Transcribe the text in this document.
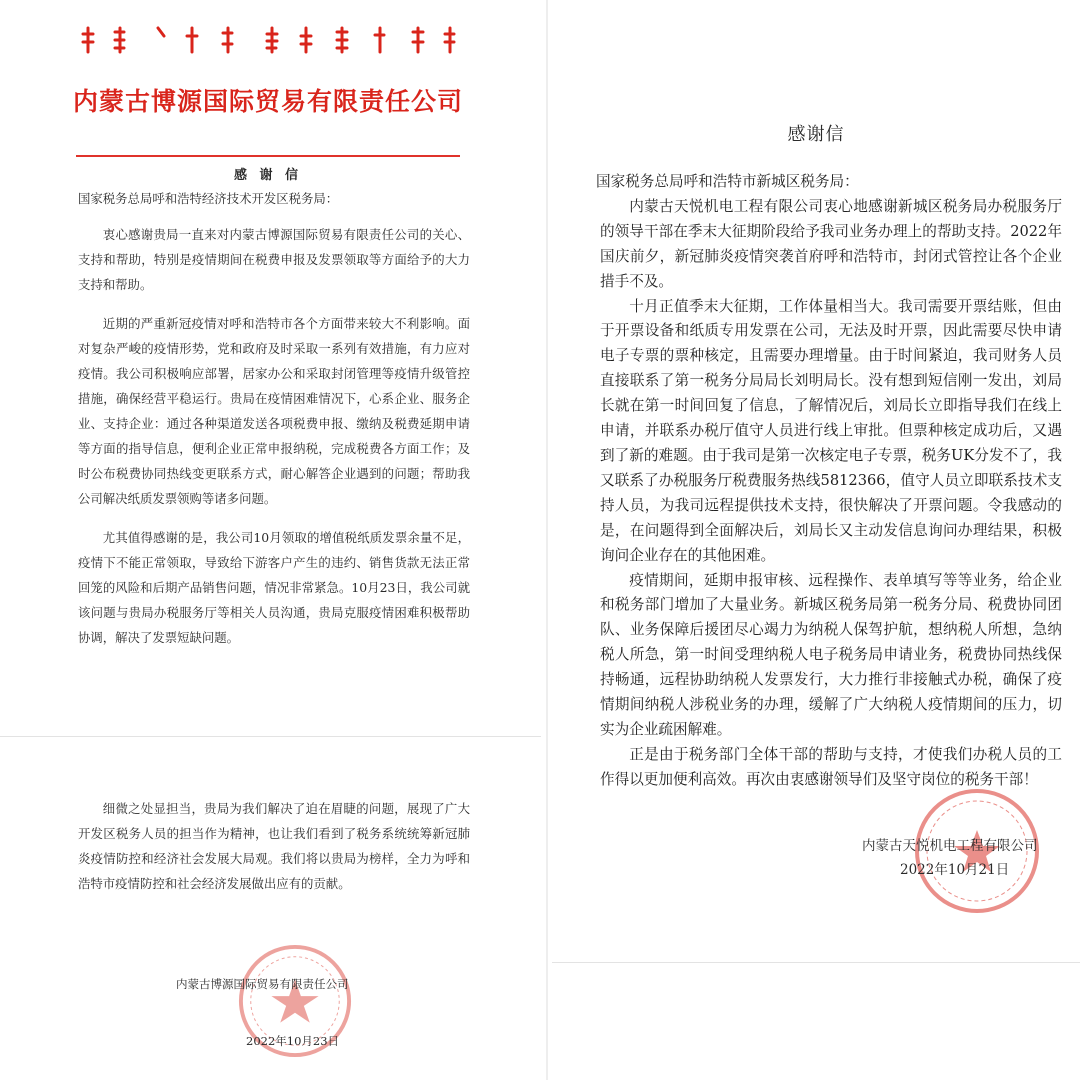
内蒙古博源国际贸易有限责任公司
感 谢 信

国家税务总局呼和浩特经济技术开发区税务局：

衷心感谢贵局一直来对内蒙古博源国际贸易有限责任公司的关心、支持和帮助，特别是疫情期间在税费申报及发票领取等方面给予的大力支持和帮助。

近期的严重新冠疫情对呼和浩特市各个方面带来较大不利影响。面对复杂严峻的疫情形势，党和政府及时采取一系列有效措施，有力应对疫情。我公司积极响应部署，居家办公和采取封闭管理等疫情升级管控措施，确保经营平稳运行。贵局在疫情困难情况下，心系企业、服务企业、支持企业：通过各种渠道发送各项税费申报、缴纳及税费延期申请等方面的指导信息，便利企业正常申报纳税，完成税费各方面工作；及时公布税费协同热线变更联系方式，耐心解答企业遇到的问题；帮助我公司解决纸质发票领购等诸多问题。

尤其值得感谢的是，我公司10月领取的增值税纸质发票余量不足，疫情下不能正常领取，导致给下游客户产生的违约、销售货款无法正常回笼的风险和后期产品销售问题，情况非常紧急。10月23日，我公司就该问题与贵局办税服务厅等相关人员沟通，贵局克服疫情困难积极帮助协调，解决了发票短缺问题。

细微之处显担当，贵局为我们解决了迫在眉睫的问题，展现了广大开发区税务人员的担当作为精神，也让我们看到了税务系统统筹新冠肺炎疫情防控和经济社会发展大局观。我们将以贵局为榜样，全力为呼和浩特市疫情防控和社会经济发展做出应有的贡献。

内蒙古博源国际贸易有限责任公司
2022年10月23日
感谢信

国家税务总局呼和浩特市新城区税务局：

内蒙古天悦机电工程有限公司衷心地感谢新城区税务局办税服务厅的领导干部在季末大征期阶段给予我司业务办理上的帮助支持。2022年国庆前夕，新冠肺炎疫情突袭首府呼和浩特市，封闭式管控让各个企业措手不及。

十月正值季末大征期，工作体量相当大。我司需要开票结账，但由于开票设备和纸质专用发票在公司，无法及时开票，因此需要尽快申请电子专票的票种核定，且需要办理增量。由于时间紧迫，我司财务人员直接联系了第一税务分局局长刘明局长。没有想到短信刚一发出，刘局长就在第一时间回复了信息，了解情况后，刘局长立即指导我们在线上申请，并联系办税厅值守人员进行线上审批。但票种核定成功后，又遇到了新的难题。由于我司是第一次核定电子专票，税务UK分发不了，我又联系了办税服务厅税费服务热线5812366，值守人员立即联系技术支持人员，为我司远程提供技术支持，很快解决了开票问题。令我感动的是，在问题得到全面解决后，刘局长又主动发信息询问办理结果，积极询问企业存在的其他困难。

疫情期间，延期申报审核、远程操作、表单填写等等业务，给企业和税务部门增加了大量业务。新城区税务局第一税务分局、税费协同团队、业务保障后援团尽心竭力为纳税人保驾护航，想纳税人所想，急纳税人所急，第一时间受理纳税人电子税务局申请业务，税费协同热线保持畅通，远程协助纳税人发票发行，大力推行非接触式办税，确保了疫情期间纳税人涉税业务的办理，缓解了广大纳税人疫情期间的压力，切实为企业疏困解难。

正是由于税务部门全体干部的帮助与支持，才使我们办税人员的工作得以更加便利高效。再次由衷感谢领导们及坚守岗位的税务干部！

内蒙古天悦机电工程有限公司
2022年10月21日
